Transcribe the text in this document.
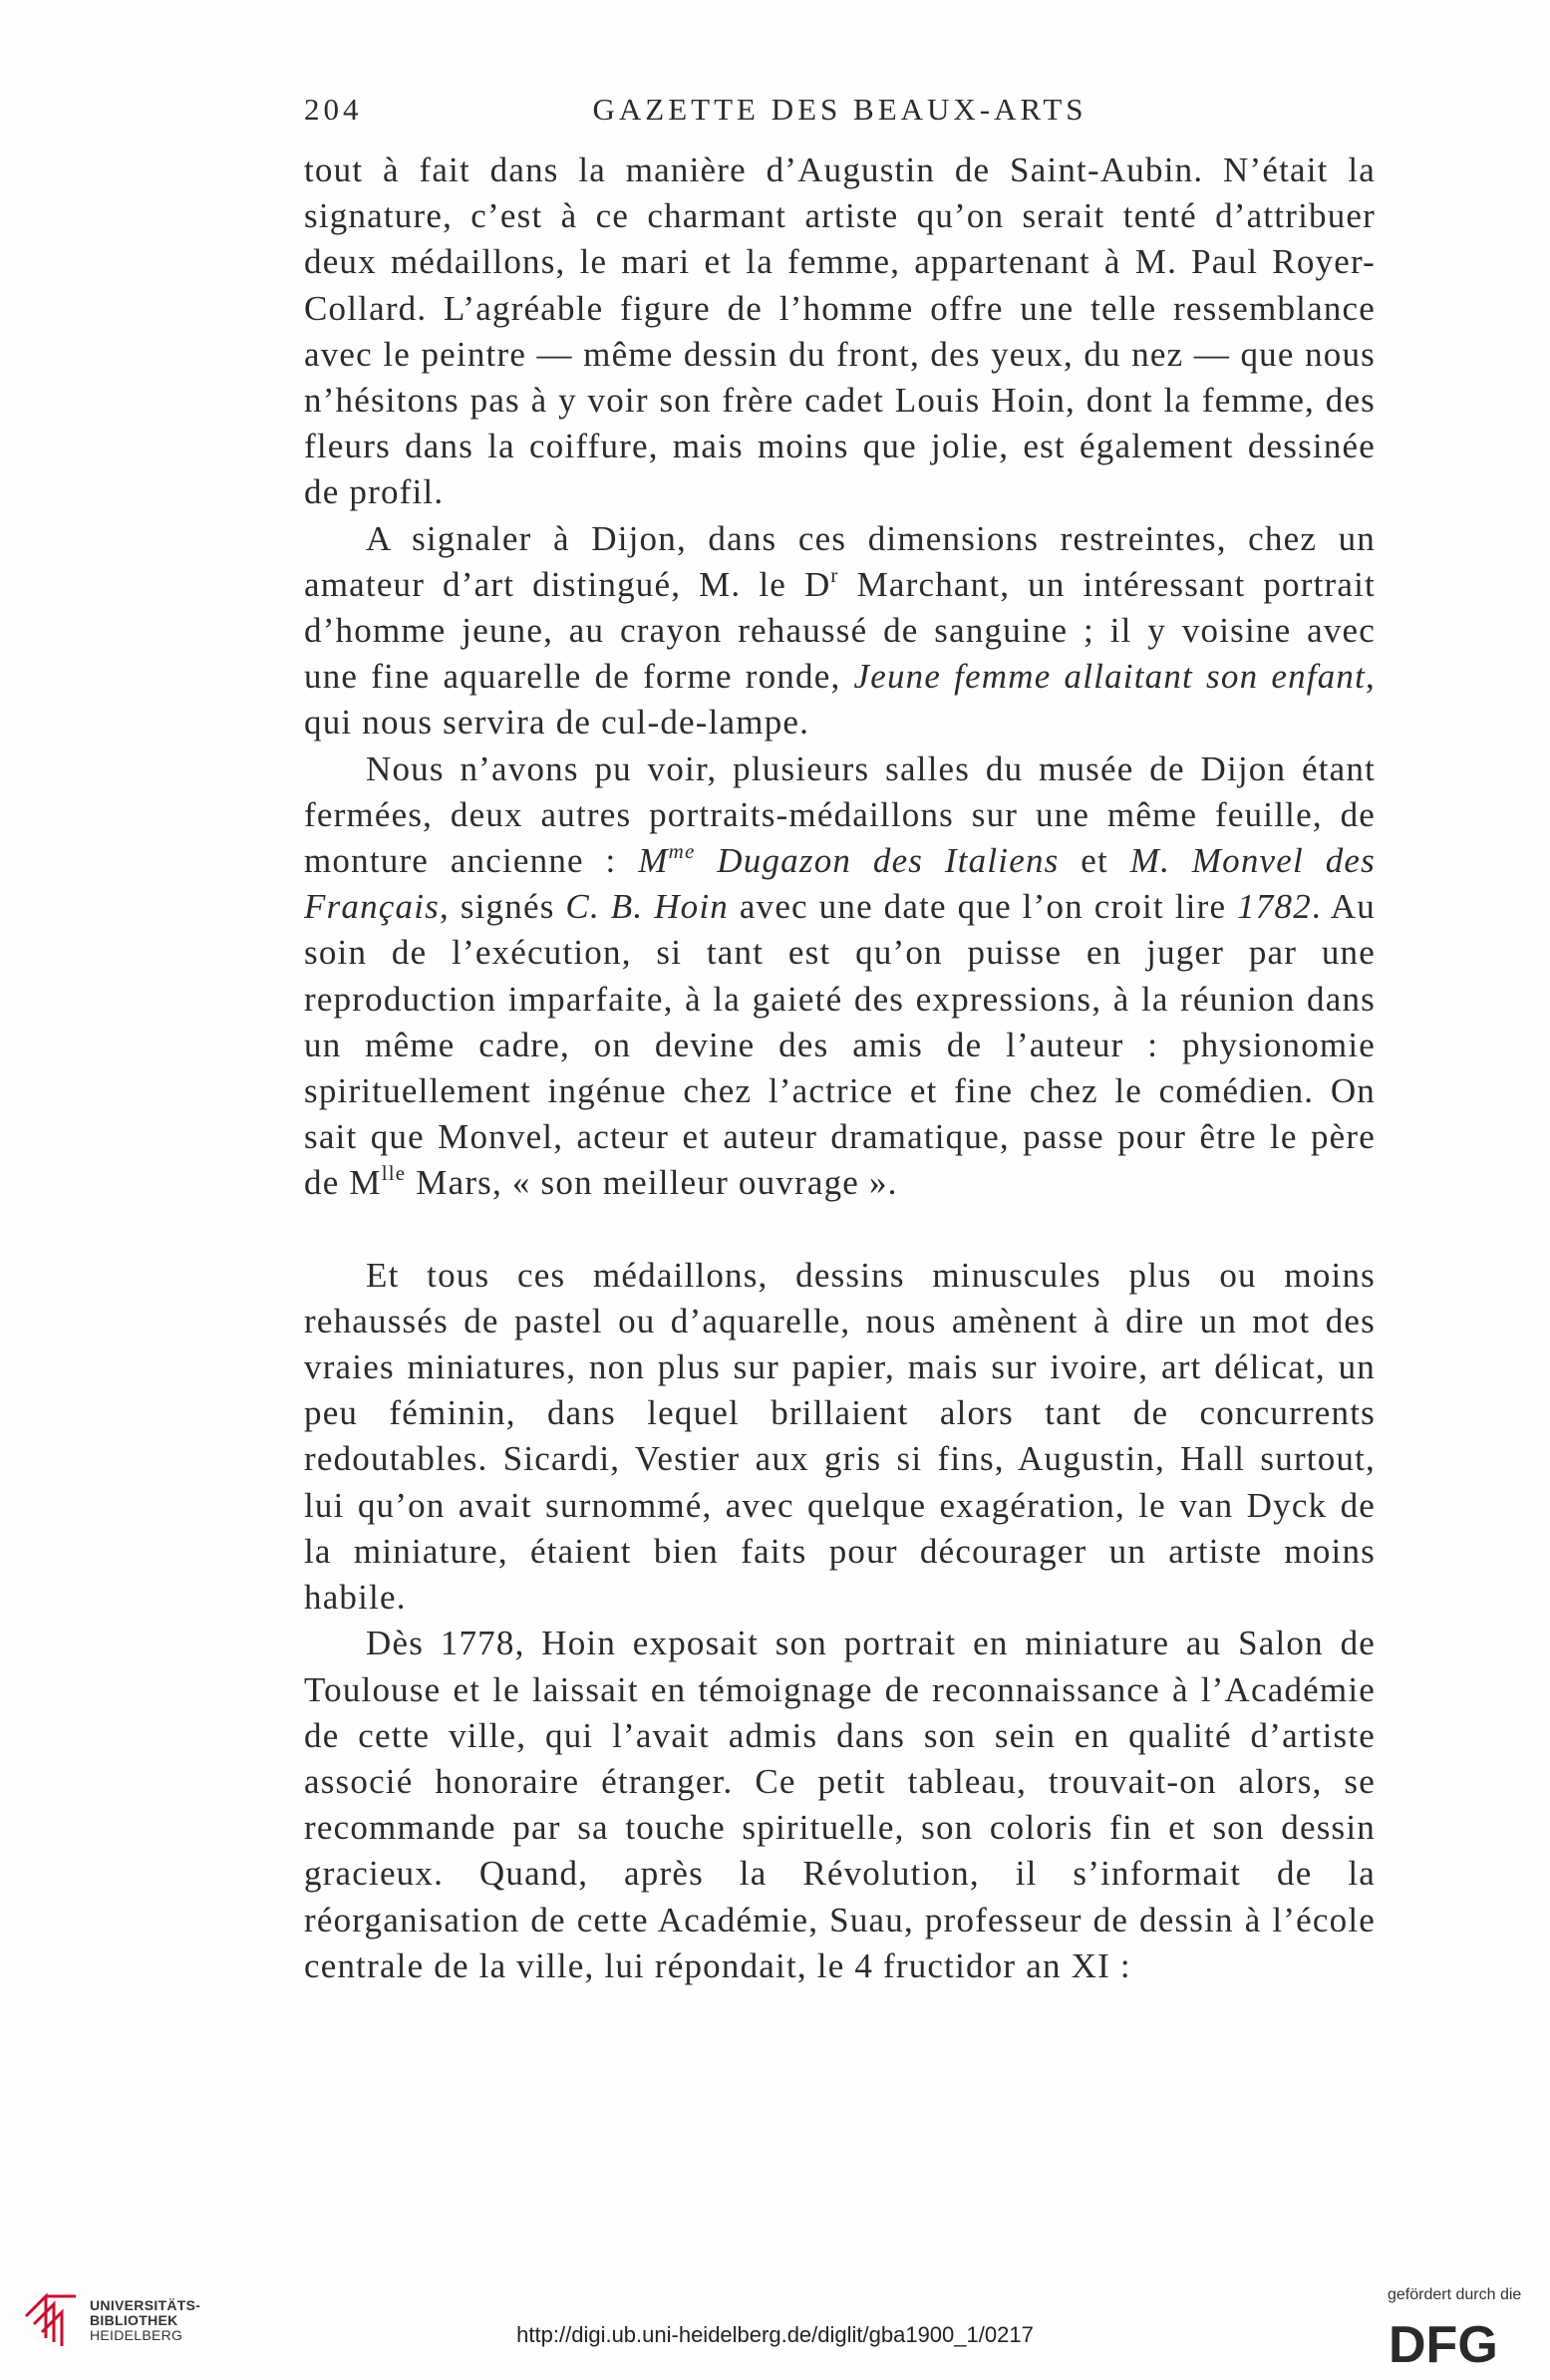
204	GAZETTE DES BEAUX-ARTS

tout à fait dans la manière d’Augustin de Saint-Aubin. N’était la signature, c’est à ce charmant artiste qu’on serait tenté d’attribuer deux médaillons, le mari et la femme, appartenant à M. Paul Royer-Collard. L’agréable figure de l’homme offre une telle ressemblance avec le peintre — même dessin du front, des yeux, du nez — que nous n’hésitons pas à y voir son frère cadet Louis Hoin, dont la femme, des fleurs dans la coiffure, mais moins que jolie, est également dessinée de profil.

A signaler à Dijon, dans ces dimensions restreintes, chez un amateur d’art distingué, M. le $D^r$ Marchant, un intéressant portrait d’homme jeune, au crayon rehaussé de sanguine ; il y voisine avec une fine aquarelle de forme ronde, Jeune femme allaitant son enfant, qui nous servira de cul-de-lampe.

Nous n’avons pu voir, plusieurs salles du musée de Dijon étant fermées, deux autres portraits-médaillons sur une même feuille, de monture ancienne : $M^{me}$ Dugazon des Italiens et M. Monvel des Français, signés C. B. Hoin avec une date que l’on croit lire 1782. Au soin de l’exécution, si tant est qu’on puisse en juger par une reproduction imparfaite, à la gaieté des expressions, à la réunion dans un même cadre, on devine des amis de l’auteur : physionomie spirituellement ingénue chez l’actrice et fine chez le comédien. On sait que Monvel, acteur et auteur dramatique, passe pour être le père de $M^{lle}$ Mars, « son meilleur ouvrage ».

Et tous ces médaillons, dessins minuscules plus ou moins rehaussés de pastel ou d’aquarelle, nous amènent à dire un mot des vraies miniatures, non plus sur papier, mais sur ivoire, art délicat, un peu féminin, dans lequel brillaient alors tant de concurrents redoutables. Sicardi, Vestier aux gris si fins, Augustin, Hall surtout, lui qu’on avait surnommé, avec quelque exagération, le van Dyck de la miniature, étaient bien faits pour décourager un artiste moins habile.

Dès 1778, Hoin exposait son portrait en miniature au Salon de Toulouse et le laissait en témoignage de reconnaissance à l’Académie de cette ville, qui l’avait admis dans son sein en qualité d’artiste associé honoraire étranger. Ce petit tableau, trouvait-on alors, se recommande par sa touche spirituelle, son coloris fin et son dessin gracieux. Quand, après la Révolution, il s’informait de la réorganisation de cette Académie, Suau, professeur de dessin à l’école centrale de la ville, lui répondait, le 4 fructidor an XI :

UNIVERSITÄTS-
BIBLIOTHEK
HEIDELBERG	http://digi.ub.uni-heidelberg.de/diglit/gba1900_1/0217
gefördert durch die
DFG
